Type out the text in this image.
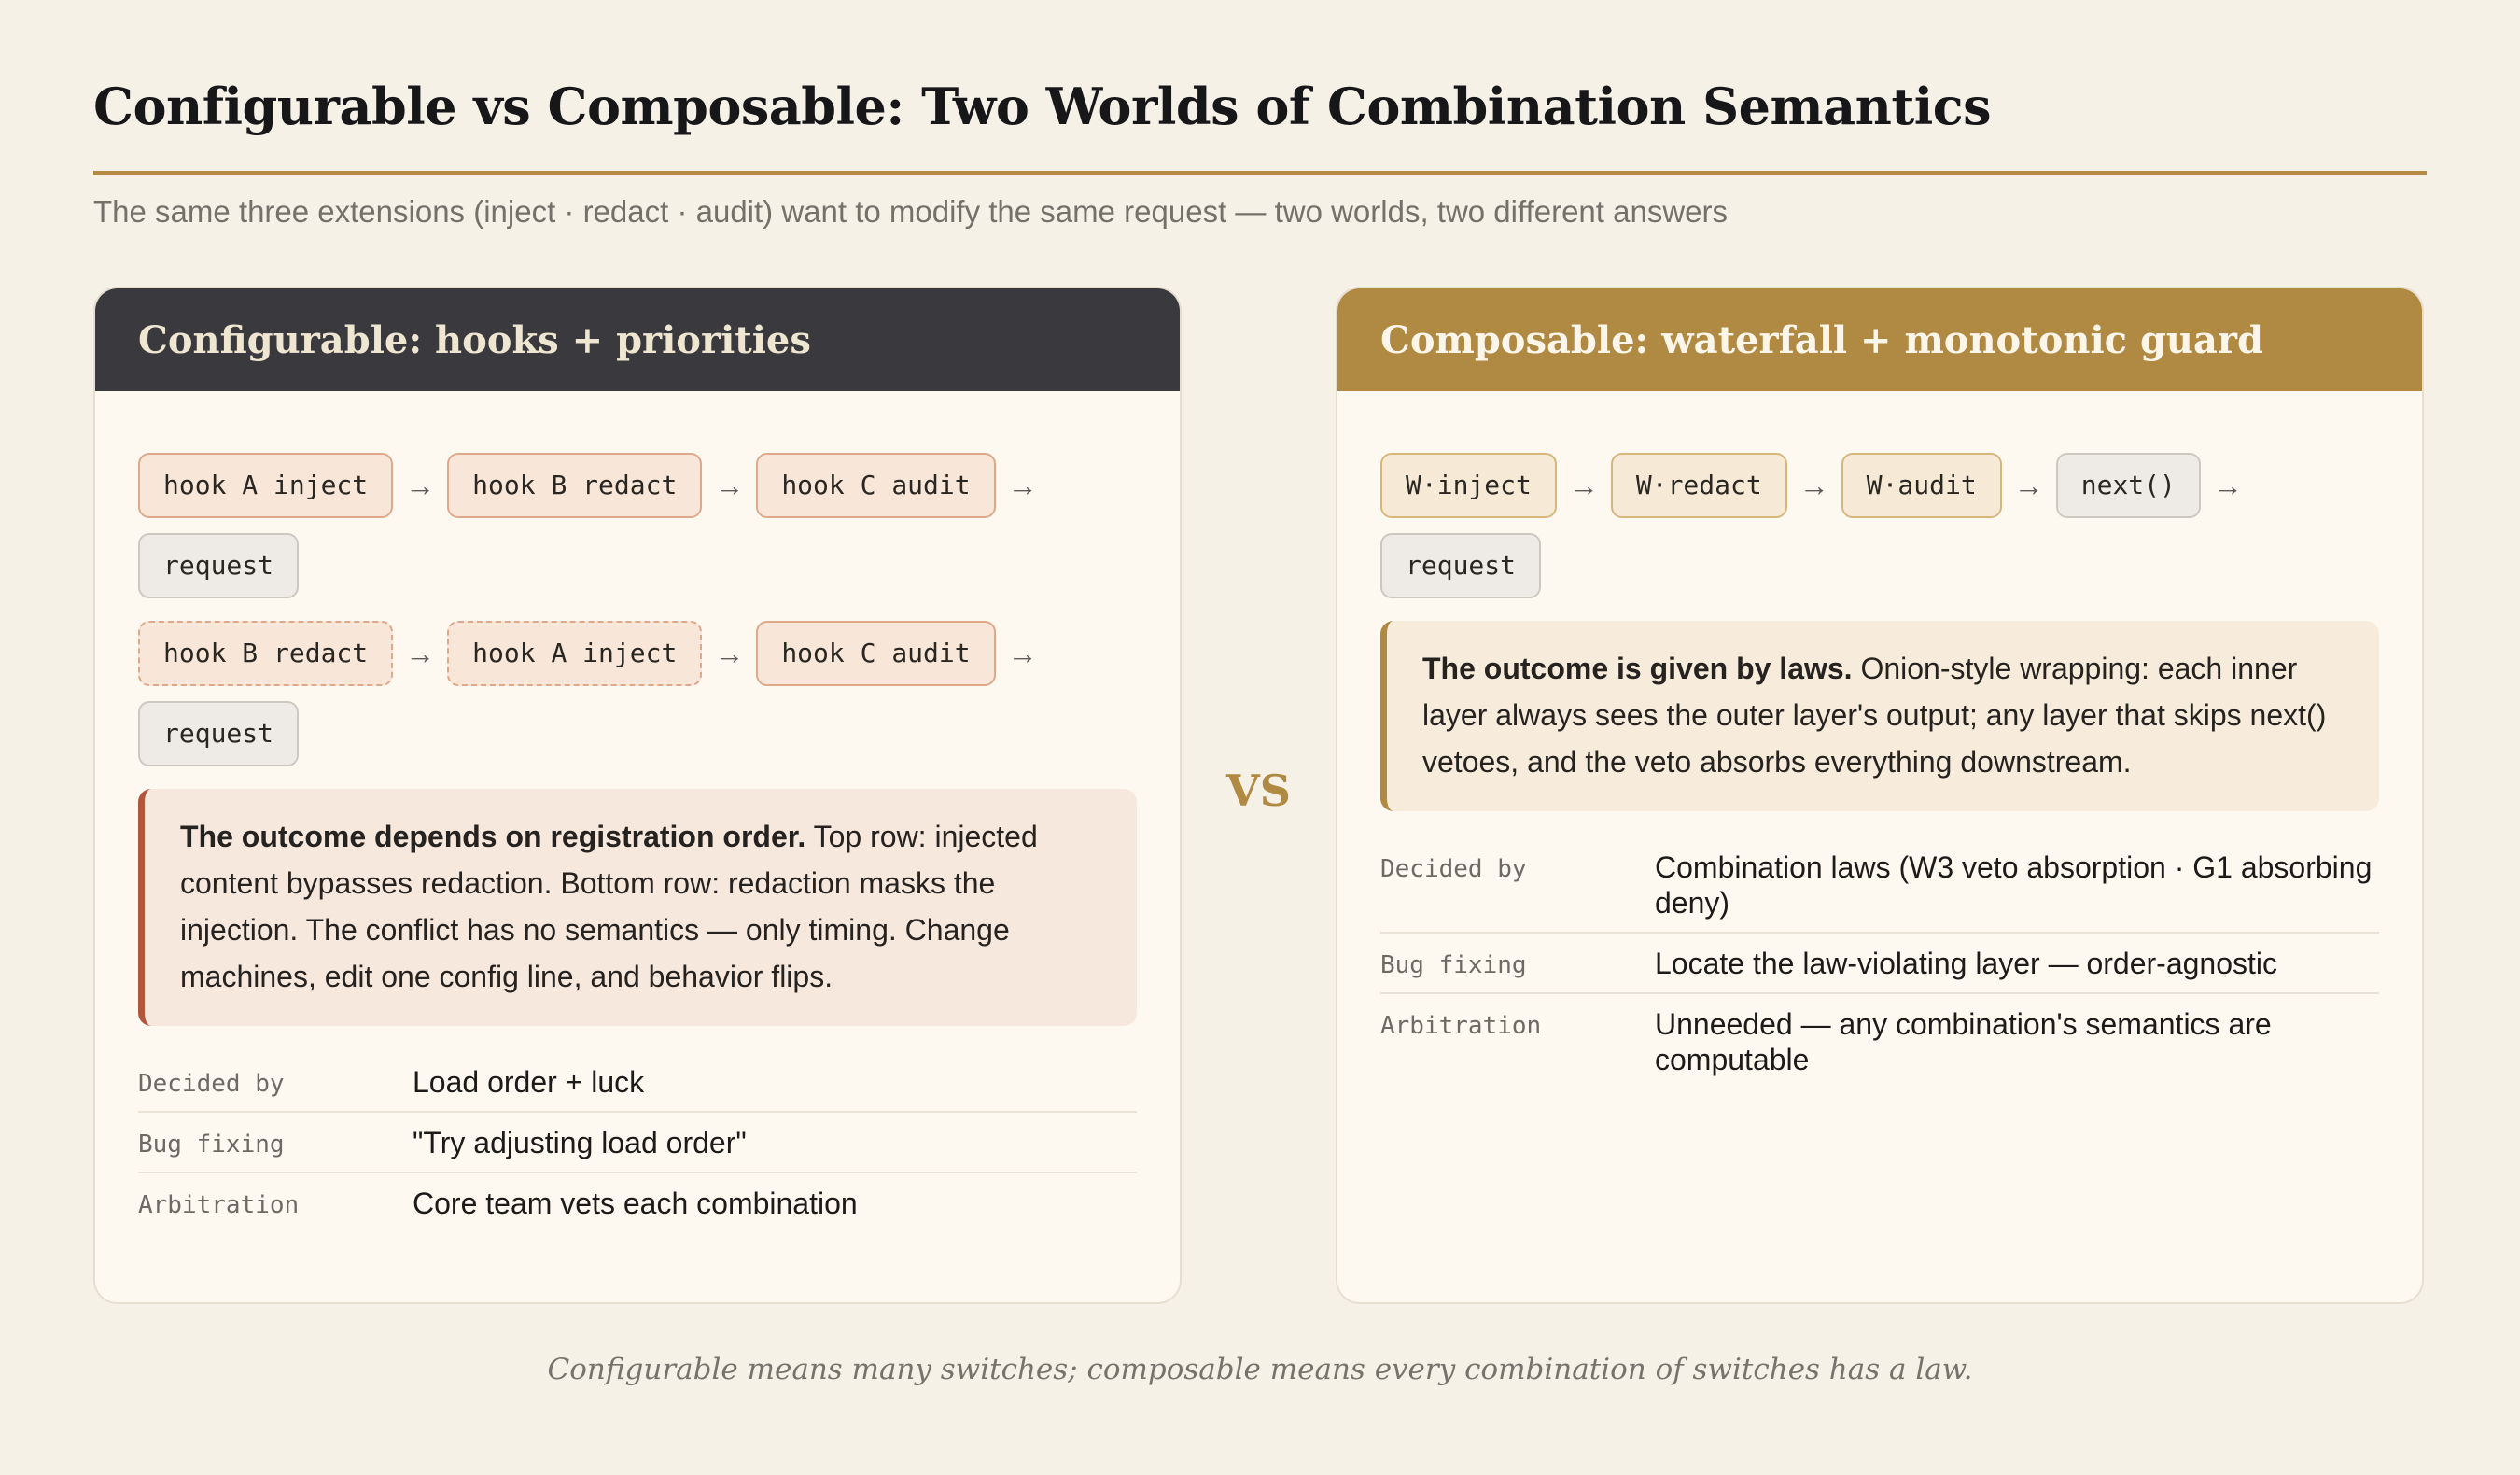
Configurable vs Composable: Two Worlds of Combination Semantics
The same three extensions (inject · redact · audit) want to modify the same request — two worlds, two different answers
Configurable: hooks + priorities
hook A inject	→	hook B redact	→	hook C audit	→
request
hook B redact	→	hook A inject	→	hook C audit	→
request
The outcome depends on registration order. Top row: injected content bypasses redaction. Bottom row: redaction masks the injection. The conflict has no semantics — only timing. Change machines, edit one config line, and behavior flips.
Decided by	Load order + luck
Bug fixing	"Try adjusting load order"
Arbitration	Core team vets each combination
VS
Composable: waterfall + monotonic guard
W·inject	→	W·redact	→	W·audit	→	next()	→
request
The outcome is given by laws. Onion-style wrapping: each inner layer always sees the outer layer's output; any layer that skips next() vetoes, and the veto absorbs everything downstream.
Decided by	Combination laws (W3 veto absorption · G1 absorbing deny)
Bug fixing	Locate the law-violating layer — order-agnostic
Arbitration	Unneeded — any combination's semantics are computable
Configurable means many switches; composable means every combination of switches has a law.
